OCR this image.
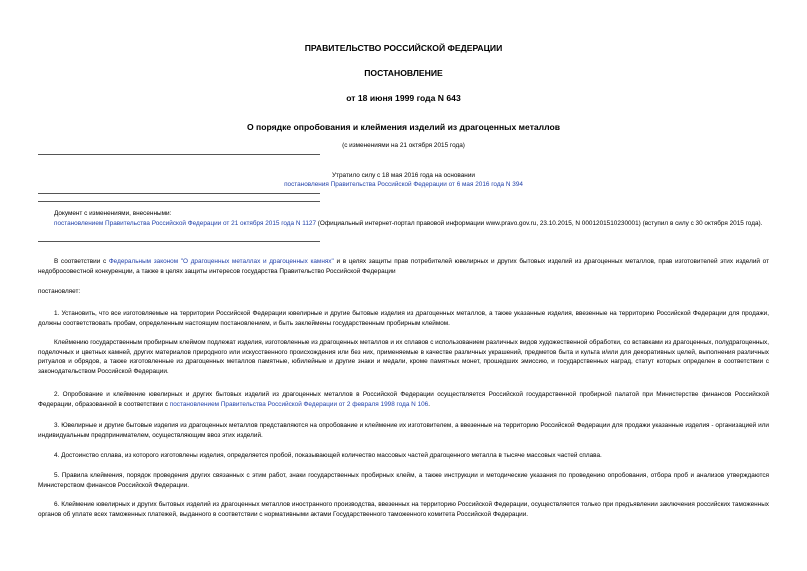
ПРАВИТЕЛЬСТВО РОССИЙСКОЙ ФЕДЕРАЦИИ
ПОСТАНОВЛЕНИЕ
от 18 июня 1999 года N 643
О порядке опробования и клеймения изделий из драгоценных металлов
(с изменениями на 21 октября 2015 года)
Утратило силу с 18 мая 2016 года на основании
постановления Правительства Российской Федерации от 6 мая 2016 года N 394
Документ с изменениями, внесенными:
постановлением Правительства Российской Федерации от 21 октября 2015 года N 1127 (Официальный интернет-портал правовой информации www.pravo.gov.ru, 23.10.2015, N 0001201510230001) (вступил в силу с 30 октября 2015 года).
В соответствии с Федеральным законом "О драгоценных металлах и драгоценных камнях" и в целях защиты прав потребителей ювелирных и других бытовых изделий из драгоценных металлов, прав изготовителей этих изделий от недобросовестной конкуренции, а также в целях защиты интересов государства Правительство Российской Федерации
постановляет:
1. Установить, что все изготовляемые на территории Российской Федерации ювелирные и другие бытовые изделия из драгоценных металлов, а также указанные изделия, ввезенные на территорию Российской Федерации для продажи, должны соответствовать пробам, определенным настоящим постановлением, и быть заклеймены государственным пробирным клеймом.
Клеймению государственным пробирным клеймом подлежат изделия, изготовленные из драгоценных металлов и их сплавов с использованием различных видов художественной обработки, со вставками из драгоценных, полудрагоценных, поделочных и цветных камней, других материалов природного или искусственного происхождения или без них, применяемые в качестве различных украшений, предметов быта и культа и/или для декоративных целей, выполнения различных ритуалов и обрядов, а также изготовленные из драгоценных металлов памятные, юбилейные и другие знаки и медали, кроме памятных монет, прошедших эмиссию, и государственных наград, статут которых определен в соответствии с законодательством Российской Федерации.
2. Опробование и клеймение ювелирных и других бытовых изделий из драгоценных металлов в Российской Федерации осуществляется Российской государственной пробирной палатой при Министерстве финансов Российской Федерации, образованной в соответствии с постановлением Правительства Российской Федерации от 2 февраля 1998 года N 106.
3. Ювелирные и другие бытовые изделия из драгоценных металлов представляются на опробование и клеймение их изготовителем, а ввезенные на территорию Российской Федерации для продажи указанные изделия - организацией или индивидуальным предпринимателем, осуществляющим ввоз этих изделий.
4. Достоинство сплава, из которого изготовлены изделия, определяется пробой, показывающей количество массовых частей драгоценного металла в тысяче массовых частей сплава.
5. Правила клеймения, порядок проведения других связанных с этим работ, знаки государственных пробирных клейм, а также инструкции и методические указания по проведению опробования, отбора проб и анализов утверждаются Министерством финансов Российской Федерации.
6. Клеймение ювелирных и других бытовых изделий из драгоценных металлов иностранного производства, ввезенных на территорию Российской Федерации, осуществляется только при предъявлении заключения российских таможенных органов об уплате всех таможенных платежей, выданного в соответствии с нормативными актами Государственного таможенного комитета Российской Федерации.
